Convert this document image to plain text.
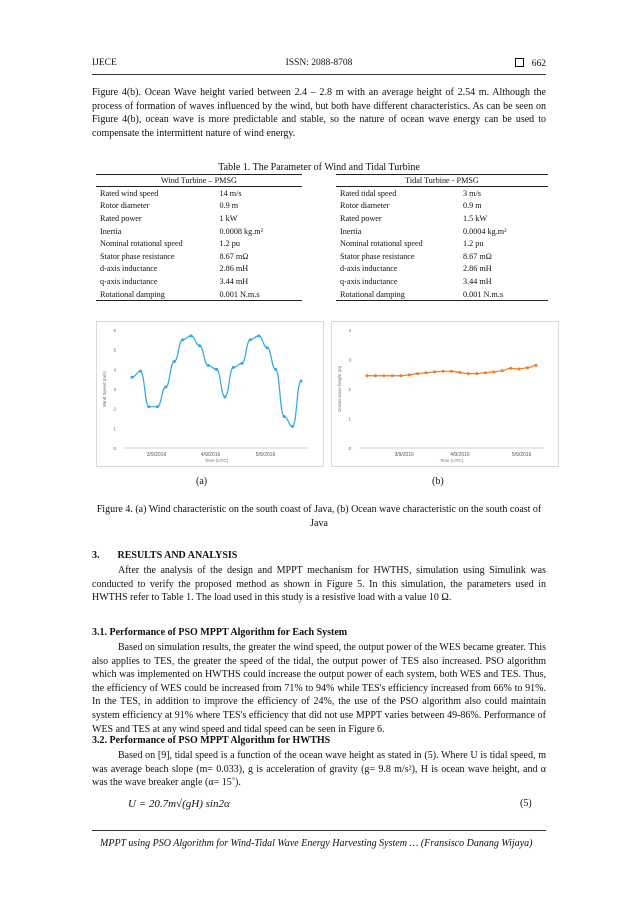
IJECE	ISSN: 2088-8708	662

Figure 4(b). Ocean Wave height varied between 2.4 – 2.8 m with an average height of 2.54 m. Although the process of formation of waves influenced by the wind, but both have different characteristics. As can be seen on Figure 4(b), ocean wave is more predictable and stable, so the nature of ocean wave energy can be used to compensate the intermittent nature of wind energy.

Table 1. The Parameter of Wind and Tidal Turbine
Wind Turbine – PMSG	
Rated wind speed	14 m/s
Rotor diameter	0.9 m
Rated power	1 kW
Inertia	0.0008 kg.m²
Nominal rotational speed	1.2 pu
Stator phase resistance	8.67 mΩ
d-axis inductance	2.86 mH
q-axis inductance	3.44 mH
Rotational damping	0.001 N.m.s
Tidal Turbine - PMSG	
Rated tidal speed	3 m/s
Rotor diameter	0.9 m
Rated power	1.5 kW
Inertia	0.0004 kg.m²
Nominal rotational speed	1.2 pu
Stator phase resistance	8.67 mΩ
d-axis inductance	2.86 mH
q-axis inductance	3.44 mH
Rotational damping	0.001 N.m.s
0
1
2
3
4
5
6
3/9/2016	4/9/2016	5/9/2016
Time (UTC)
Wind Speed (m/s)
0
1
2
3
4
3/9/2016	4/9/2016	5/9/2016
Time (UTC)
Ocean wave height (m)
(a)	(b)
Figure 4. (a) Wind characteristic on the south coast of Java, (b) Ocean wave characteristic on the south coast of Java
3. RESULTS AND ANALYSIS

After the analysis of the design and MPPT mechanism for HWTHS, simulation using Simulink was conducted to verify the proposed method as shown in Figure 5. In this simulation, the parameters used in HWTHS refer to Table 1. The load used in this study is a resistive load with a value 10 Ω.

3.1. Performance of PSO MPPT Algorithm for Each System

Based on simulation results, the greater the wind speed, the output power of the WES became greater. This also applies to TES, the greater the speed of the tidal, the output power of TES also increased. PSO algorithm which was implemented on HWTHS could increase the output power of each system, both WES and TES. Thus, the efficiency of WES could be increased from 71% to 94% while TES's efficiency increased from 66% to 91%. In the TES, in addition to improve the efficiency of 24%, the use of the PSO algorithm also could maintain system efficiency at 91% where TES's efficiency that did not use MPPT varies between 49-86%. Performance of WES and TES at any wind speed and tidal speed can be seen in Figure 6.

3.2. Performance of PSO MPPT Algorithm for HWTHS

Based on [9], tidal speed is a function of the ocean wave height as stated in (5). Where U is tidal speed, m was average beach slope (m= 0.033), g is acceleration of gravity (g= 9.8 m/s²), H is ocean wave height, and α was the wave breaker angle (α= 15˚).

U = 20.7m√(gH) sin2α	(5)
MPPT using PSO Algorithm for Wind-Tidal Wave Energy Harvesting System … (Fransisco Danang Wijaya)
